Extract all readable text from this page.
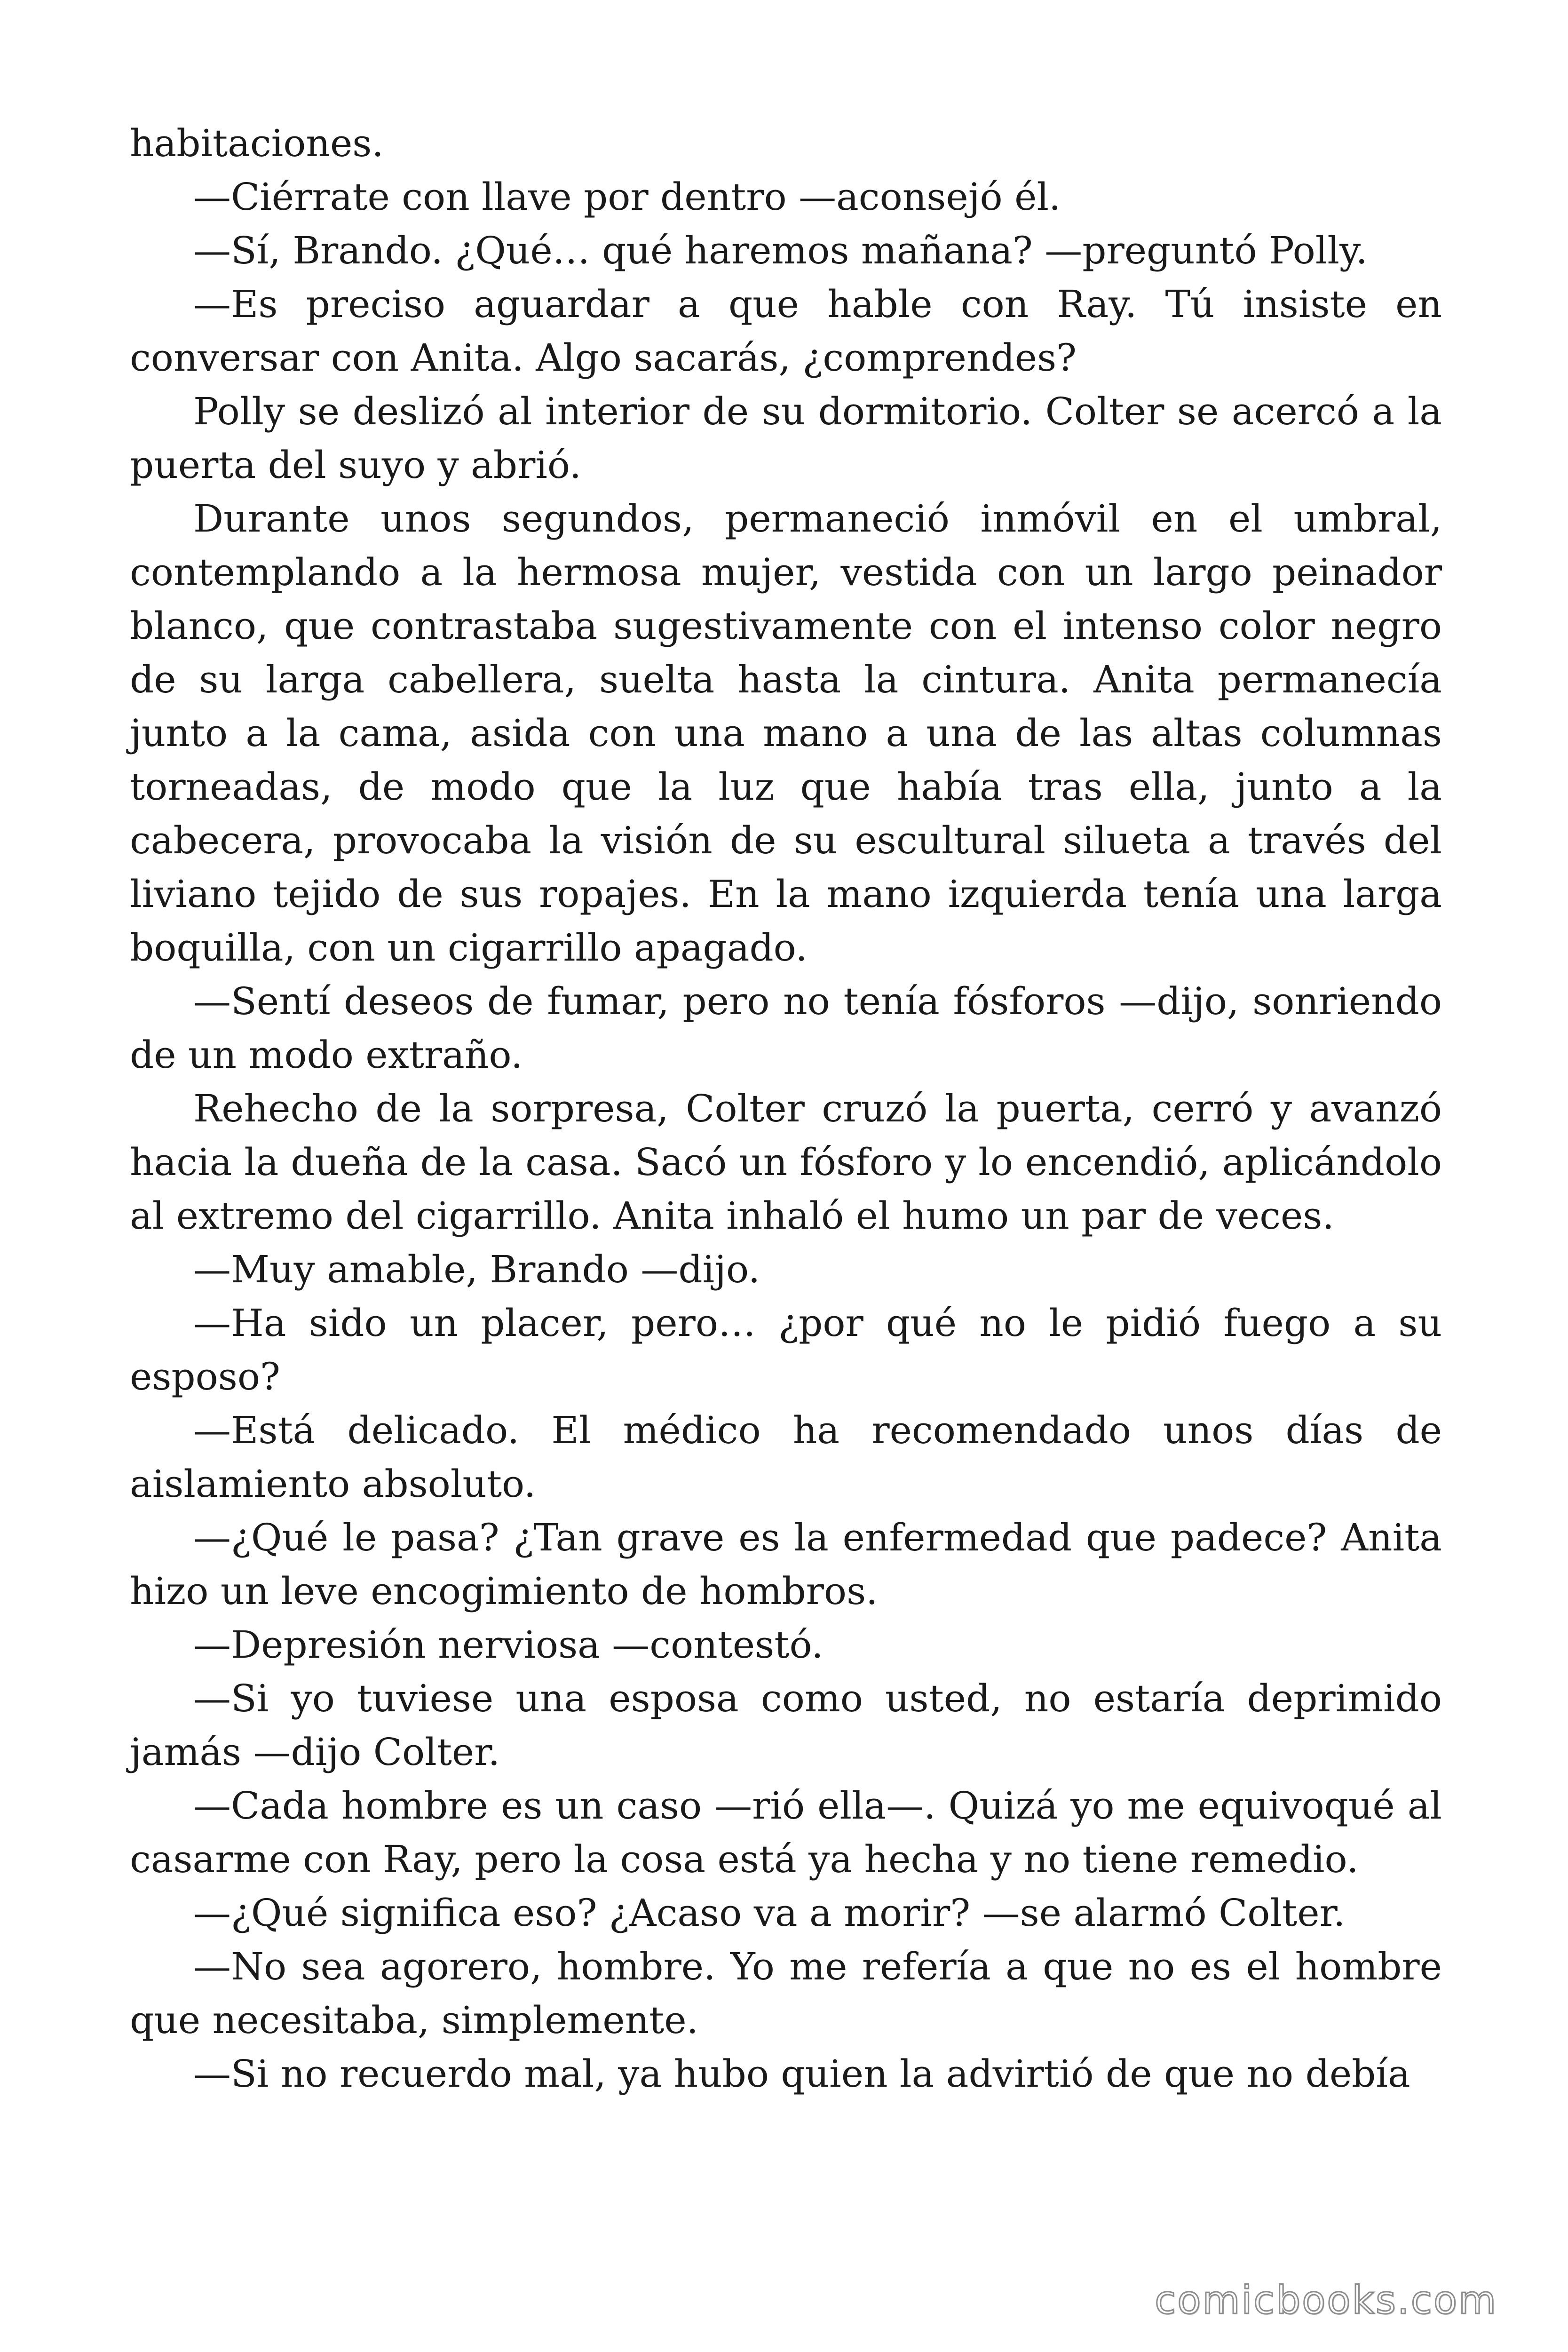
habitaciones.

—Ciérrate con llave por dentro —aconsejó él.

—Sí, Brando. ¿Qué… qué haremos mañana? —preguntó Polly.

—Es preciso aguardar a que hable con Ray. Tú insiste en conversar con Anita. Algo sacarás, ¿comprendes?

Polly se deslizó al interior de su dormitorio. Colter se acercó a la puerta del suyo y abrió.

Durante unos segundos, permaneció inmóvil en el umbral, contemplando a la hermosa mujer, vestida con un largo peinador blanco, que contrastaba sugestivamente con el intenso color negro de su larga cabellera, suelta hasta la cintura. Anita permanecía junto a la cama, asida con una mano a una de las altas columnas torneadas, de modo que la luz que había tras ella, junto a la cabecera, provocaba la visión de su escultural silueta a través del liviano tejido de sus ropajes. En la mano izquierda tenía una larga boquilla, con un cigarrillo apagado.

—Sentí deseos de fumar, pero no tenía fósforos —dijo, sonriendo de un modo extraño.

Rehecho de la sorpresa, Colter cruzó la puerta, cerró y avanzó hacia la dueña de la casa. Sacó un fósforo y lo encendió, aplicándolo al extremo del cigarrillo. Anita inhaló el humo un par de veces.

—Muy amable, Brando —dijo.

—Ha sido un placer, pero… ¿por qué no le pidió fuego a su esposo?

—Está delicado. El médico ha recomendado unos días de aislamiento absoluto.

—¿Qué le pasa? ¿Tan grave es la enfermedad que padece? Anita hizo un leve encogimiento de hombros.

—Depresión nerviosa —contestó.

—Si yo tuviese una esposa como usted, no estaría deprimido jamás —dijo Colter.

—Cada hombre es un caso —rió ella—. Quizá yo me equivoqué al casarme con Ray, pero la cosa está ya hecha y no tiene remedio.

—¿Qué significa eso? ¿Acaso va a morir? —se alarmó Colter.

—No sea agorero, hombre. Yo me refería a que no es el hombre que necesitaba, simplemente.

—Si no recuerdo mal, ya hubo quien la advirtió de que no debía

comicbooks.com
